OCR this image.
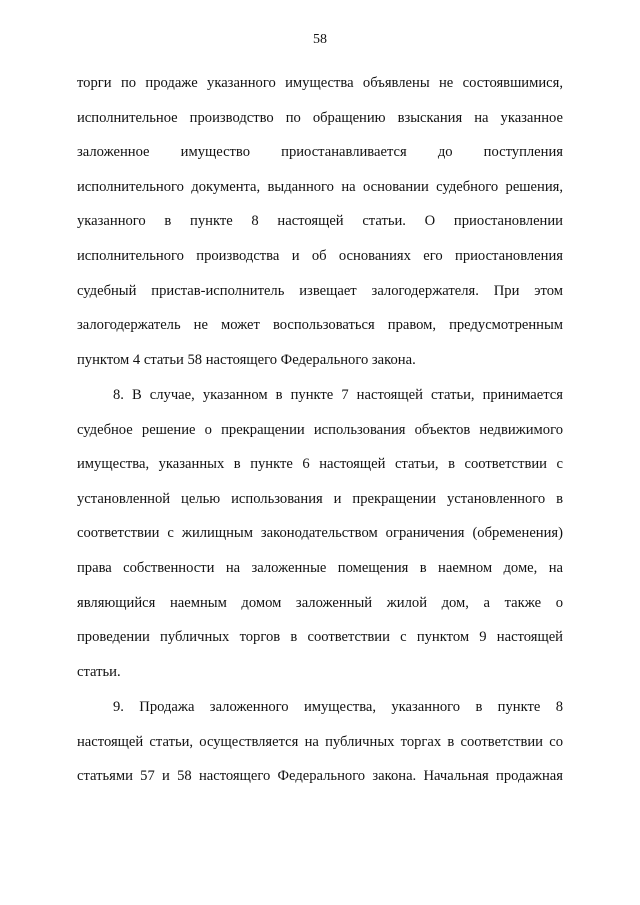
58
торги по продаже указанного имущества объявлены не состоявшимися,
исполнительное производство по обращению взыскания на указанное
заложенное имущество приостанавливается до поступления
исполнительного документа, выданного на основании судебного решения,
указанного в пункте 8 настоящей статьи. О приостановлении
исполнительного производства и об основаниях его приостановления
судебный пристав-исполнитель извещает залогодержателя. При этом
залогодержатель не может воспользоваться правом, предусмотренным
пунктом 4 статьи 58 настоящего Федерального закона.
8. В случае, указанном в пункте 7 настоящей статьи, принимается
судебное решение о прекращении использования объектов недвижимого
имущества, указанных в пункте 6 настоящей статьи, в соответствии с
установленной целью использования и прекращении установленного в
соответствии с жилищным законодательством ограничения (обременения)
права собственности на заложенные помещения в наемном доме, на
являющийся наемным домом заложенный жилой дом, а также о
проведении публичных торгов в соответствии с пунктом 9 настоящей
статьи.
9. Продажа заложенного имущества, указанного в пункте 8
настоящей статьи, осуществляется на публичных торгах в соответствии со
статьями 57 и 58 настоящего Федерального закона. Начальная продажная
